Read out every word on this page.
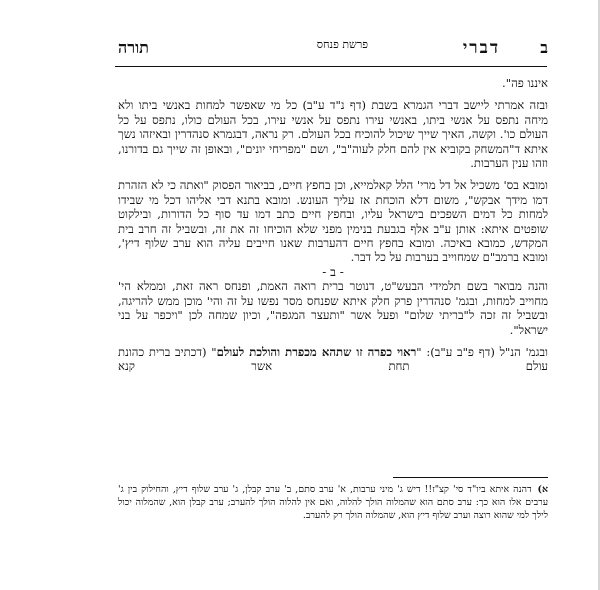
ב
דברי
פרשת פנחס
תורה

איננו פה".

ובזה אמרתי ליישב דברי הגמרא בשבת (דף נ"ד ע"ב) כל מי שאפשר למחות באנשי ביתו ולא מיחה נתפס על אנשי ביתו, באנשי עירו נתפס על אנשי עירו, בכל העולם כולו, נתפס על כל העולם כו'. וקשה, האיך שייך שיכול להוכיח בכל העולם. רק נראה, דבגמרא סנהדרין ובאיזהו נשך איתא ד"המשחק בקוביא אין להם חלק לעוה"ב", ושם "מפריחי יונים", ובאופן זה שייך גם בדורנו, וזהו ענין הערבות.

ומובא בס' משכיל אל דל מרי' הלל קאלמייא, וכן בחפץ חיים, בביאור הפסוק "ואתה כי לא הזהרת דמו מידך אבקש", משום דלא הוכחת אז עליך העונש. ומובא בתנא דבי אליהו דכל מי שבידו למחות כל דמים השפכים בישראל עליו, ובחפץ חיים כתב דמו עד סוף כל הדורות, ובילקוט שופטים איתא: אותן ע"ב אלף בגבעת בנימין מפני שלא הוכיחו זה את זה, ובשביל זה חרב בית המקדש, כמובא באיכה. ומובא בחפץ חיים דהערבות שאנו חייבים עליה הוא ערב שלוף דיץ', ומובא ברמב"ם שמחוייב בערבות על כל דבר.

- ב -

והנה מבואר בשם תלמידי הבעש"ט, דנוטר ברית רואה האמת, ופנחס ראה זאת, וממלא הי' מחוייב למחות, ובגמ' סנהדרין פרק חלק איתא שפנחס מסר נפשו על זה והי' מוכן ממש להריגה, ובשביל זה זכה ל"בריתי שלום" ופעל אשר "ותעצר המגפה", וכיון שמחה לכן "ויכפר על בני ישראל".

ובגמ' הנ"ל (דף פ"ב ע"ב): "ראוי כפרה זו שתהא מכפרת והולכת לעולם" (דכתיב ברית כהונת עולם תחת אשר קנא

א)דהנה איתא ביו"ד סי' קצ"ז!! דיש ג' מיני ערבות, א' ערב סתם, ב' ערב קבלן, ג' ערב שלוף דיץ, והחילוק בין ג' ערבים אלו הוא כך: ערב סתם הוא שהמלוה הולך להלוה, ואם אין להלוה הולך להערב; ערב קבלן הוא, שהמלוה יכול לילך למי שהוא רוצה וערב שלוף דיץ הוא, שהמלוה הולך רק להערב.
